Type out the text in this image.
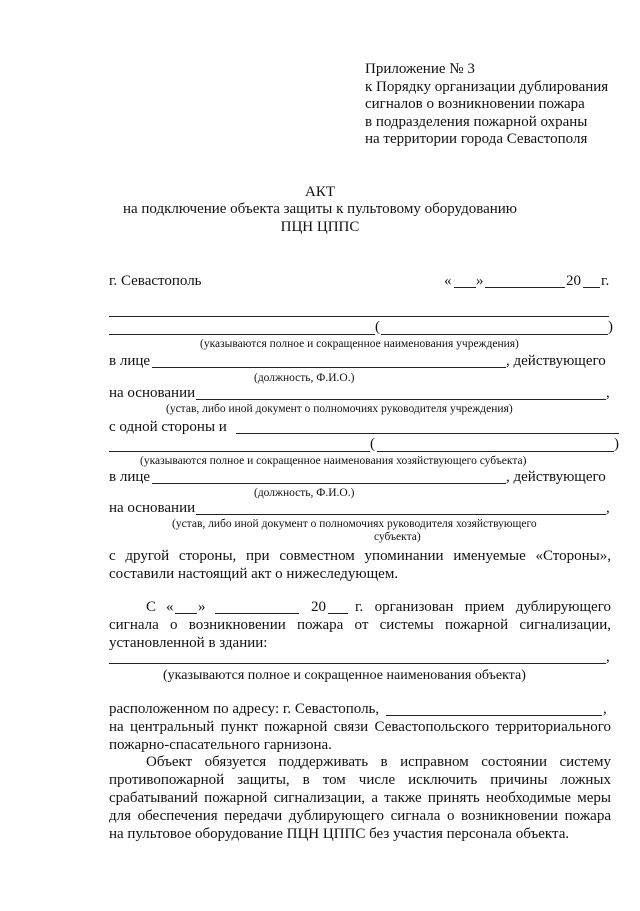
Приложение № 3
к Порядку организации дублирования
сигналов о возникновении пожара
в подразделения пожарной охраны
на территории города Севастополя
АКТ
на подключение объекта защиты к пультовому оборудованию
ПЦН ЦППС
г. Севастополь	« »	20 г.
(	)
(указываются полное и сокращенное наименования учреждения)
в лице	, действующего
(должность, Ф.И.О.)
на основании	,
(устав, либо иной документ о полномочиях руководителя учреждения)
с одной стороны и
(	)
(указываются полное и сокращенное наименования хозяйствующего субъекта)
в лице	, действующего
(должность, Ф.И.О.)
на основании	,
(устав, либо иной документ о полномочиях руководителя хозяйствующего
субъекта)
с другой стороны, при совместном упоминании именуемые «Стороны»,
составили настоящий акт о нижеследующем.
С « »	20 г. организован прием дублирующего
сигнала о возникновении пожара от системы пожарной сигнализации,
установленной в здании:
,
(указываются полное и сокращенное наименования объекта)
расположенном по адресу: г. Севастополь,	,
на центральный пункт пожарной связи Севастопольского территориального
пожарно-спасательного гарнизона.
Объект обязуется поддерживать в исправном состоянии систему
противопожарной защиты, в том числе исключить причины ложных
срабатываний пожарной сигнализации, а также принять необходимые меры
для обеспечения передачи дублирующего сигнала о возникновении пожара
на пультовое оборудование ПЦН ЦППС без участия персонала объекта.
